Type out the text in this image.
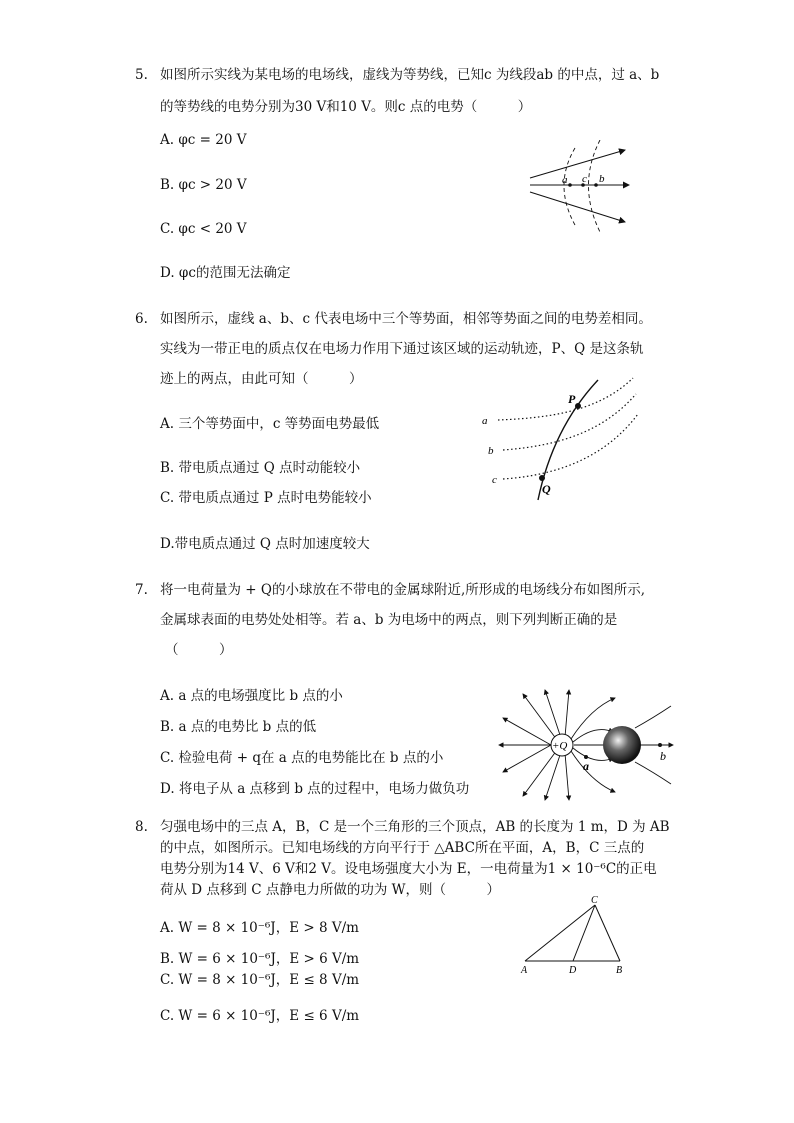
5. 如图所示实线为某电场的电场线，虚线为等势线，已知c 为线段ab 的中点，过 a、b
的等势线的电势分别为30 V和10 V。则c 点的电势（　　　）
A. φc = 20 V
B. φc > 20 V
C. φc < 20 V
D. φc的范围无法确定
a c b
6. 如图所示，虚线 a、b、c 代表电场中三个等势面，相邻等势面之间的电势差相同。
实线为一带正电的质点仅在电场力作用下通过该区域的运动轨迹，P、Q 是这条轨
迹上的两点，由此可知（　　　）
A. 三个等势面中，c 等势面电势最低
B. 带电质点通过 Q 点时动能较小
C. 带电质点通过 P 点时电势能较小
D.带电质点通过 Q 点时加速度较大
P
Q
a
b
c
7. 将一电荷量为 + Q的小球放在不带电的金属球附近,所形成的电场线分布如图所示,
金属球表面的电势处处相等。若 a、b 为电场中的两点，则下列判断正确的是
（　　　）
A. a 点的电场强度比 b 点的小
B. a 点的电势比 b 点的低
C. 检验电荷 + q在 a 点的电势能比在 b 点的小
D. 将电子从 a 点移到 b 点的过程中，电场力做负功
+Q
a
b
8. 匀强电场中的三点 A，B，C 是一个三角形的三个顶点，AB 的长度为 1 m，D 为 AB
的中点，如图所示。已知电场线的方向平行于 △ABC所在平面，A，B，C 三点的
电势分别为14 V、6 V和2 V。设电场强度大小为 E，一电荷量为1 × 10⁻⁶C的正电
荷从 D 点移到 C 点静电力所做的功为 W，则（　　　）
A. W = 8 × 10⁻⁶J，E > 8 V/m
B. W = 6 × 10⁻⁶J，E > 6 V/m
C. W = 8 × 10⁻⁶J，E ≤ 8 V/m
C. W = 6 × 10⁻⁶J，E ≤ 6 V/m
C
A	D	B
